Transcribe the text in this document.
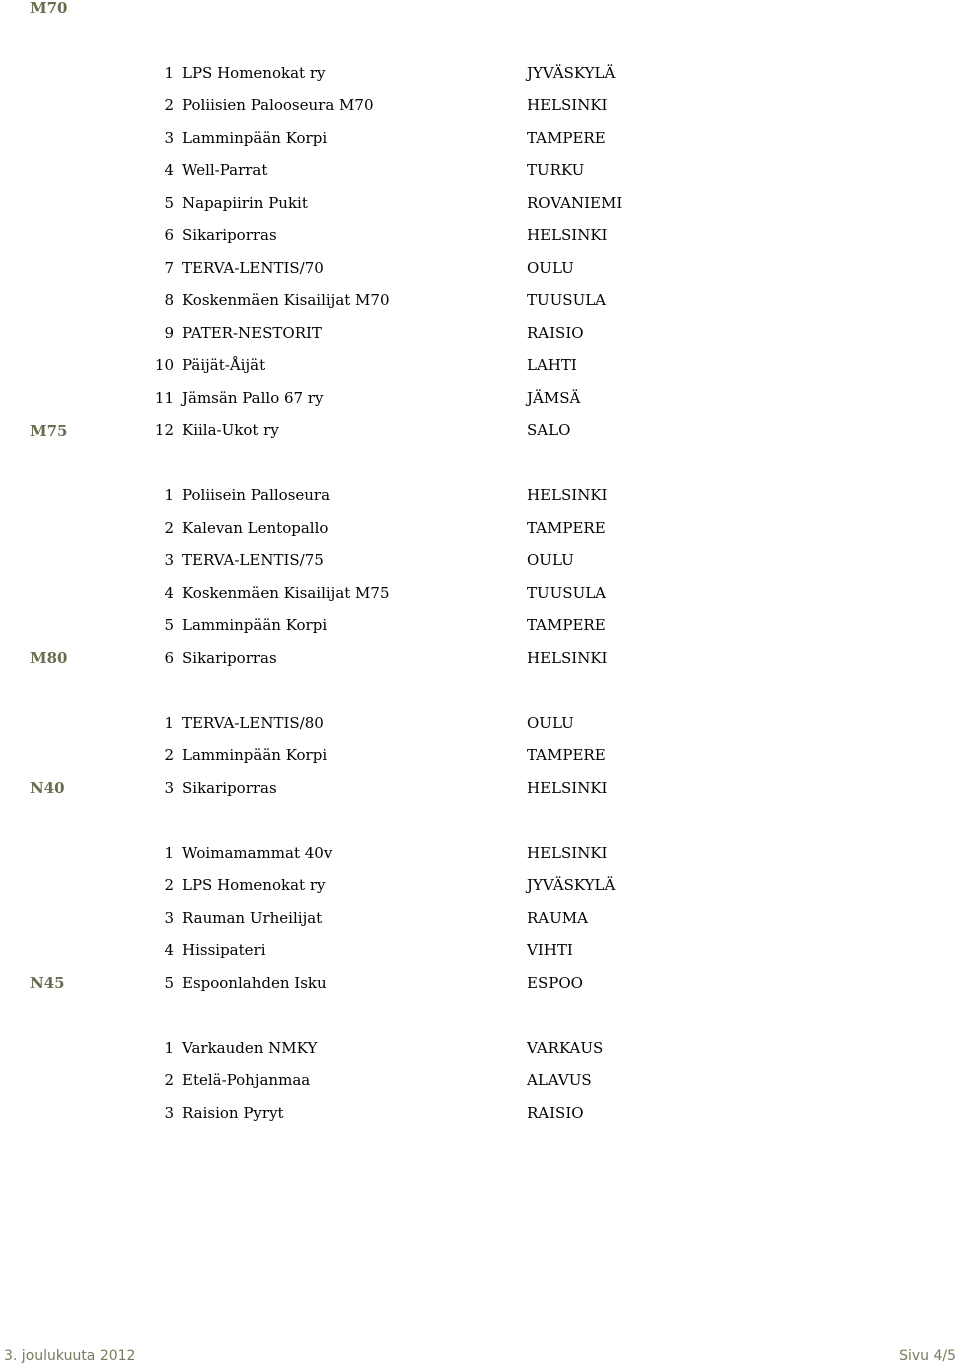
M70
1 LPS Homenokat ry	JYVÄSKYLÄ
2 Poliisien Palooseura M70	HELSINKI
3 Lamminpään Korpi	TAMPERE
4 Well-Parrat	TURKU
5 Napapiirin Pukit	ROVANIEMI
6 Sikariporras	HELSINKI
7 TERVA-LENTIS/70	OULU
8 Koskenmäen Kisailijat M70	TUUSULA
9 PATER-NESTORIT	RAISIO
10 Päijät-Åijät	LAHTI
11 Jämsän Pallo 67 ry	JÄMSÄ
12 Kiila-Ukot ry	SALO
M75
1 Poliisein Palloseura	HELSINKI
2 Kalevan Lentopallo	TAMPERE
3 TERVA-LENTIS/75	OULU
4 Koskenmäen Kisailijat M75	TUUSULA
5 Lamminpään Korpi	TAMPERE
6 Sikariporras	HELSINKI
M80
1 TERVA-LENTIS/80	OULU
2 Lamminpään Korpi	TAMPERE
3 Sikariporras	HELSINKI
N40
1 Woimamammat 40v	HELSINKI
2 LPS Homenokat ry	JYVÄSKYLÄ
3 Rauman Urheilijat	RAUMA
4 Hissipateri	VIHTI
5 Espoonlahden Isku	ESPOO
N45
1 Varkauden NMKY	VARKAUS
2 Etelä-Pohjanmaa	ALAVUS
3 Raision Pyryt	RAISIO
3. joulukuuta 2012	Sivu 4/5
